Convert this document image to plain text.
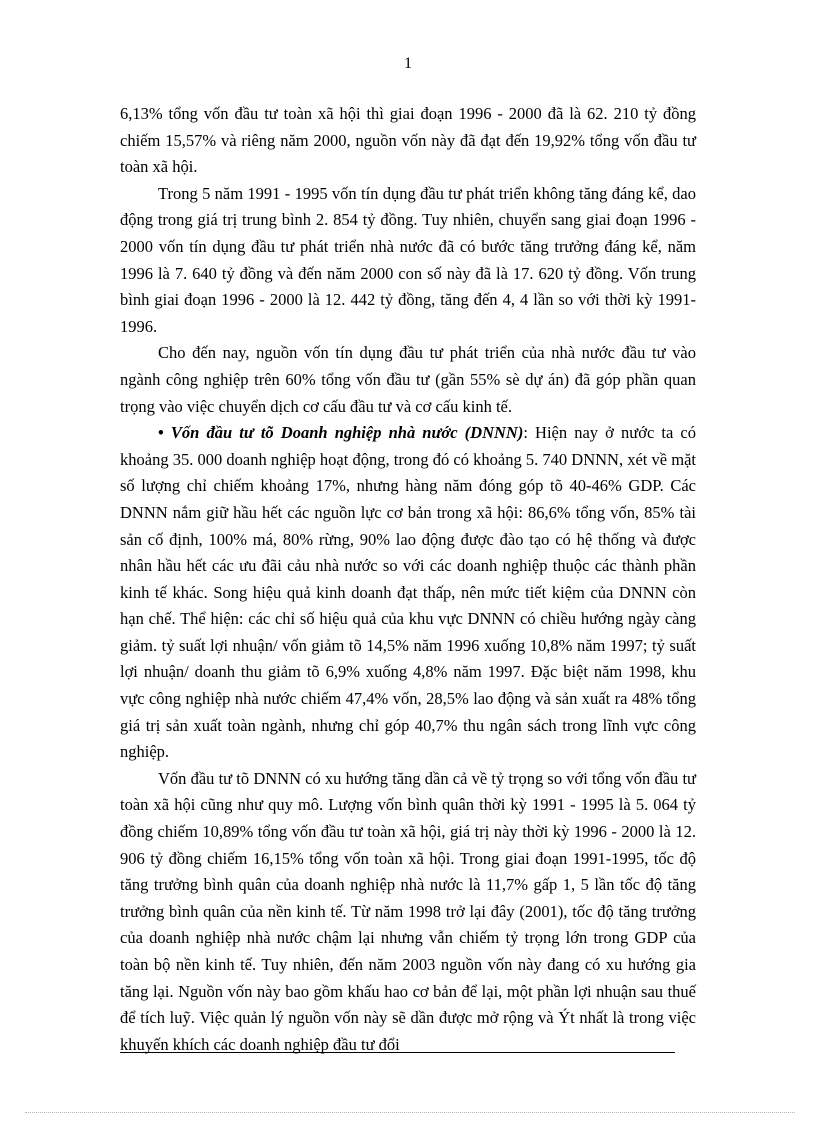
1

6,13% tổng vốn đầu tư toàn xã hội thì giai đoạn 1996 - 2000 đã là 62. 210 tỷ đồng chiếm 15,57% và riêng năm 2000, nguồn vốn này đã đạt đến 19,92% tổng vốn đầu tư toàn xã hội.

Trong 5 năm 1991 - 1995 vốn tín dụng đầu tư phát triển không tăng đáng kể, dao động trong giá trị trung bình 2. 854 tỷ đồng. Tuy nhiên, chuyển sang giai đoạn 1996 - 2000 vốn tín dụng đầu tư phát triển nhà nước đã có bước tăng trưởng đáng kể, năm 1996 là 7. 640 tỷ đồng và đến năm 2000 con số này đã là 17. 620 tỷ đồng. Vốn trung bình giai đoạn 1996 - 2000 là 12. 442 tỷ đồng, tăng đến 4, 4 lần so với thời kỳ 1991-1996.

Cho đến nay, nguồn vốn tín dụng đầu tư phát triển của nhà nước đầu tư vào ngành công nghiệp trên 60% tổng vốn đầu tư (gần 55% sè dự án) đã góp phần quan trọng vào việc chuyển dịch cơ cấu đầu tư và cơ cấu kinh tế.

• Vốn đầu tư tõ Doanh nghiệp nhà nước (DNNN): Hiện nay ở nước ta có khoảng 35. 000 doanh nghiệp hoạt động, trong đó có khoảng 5. 740 DNNN, xét về mặt số lượng chỉ chiếm khoảng 17%, nhưng hàng năm đóng góp tõ 40-46% GDP. Các DNNN nắm giữ hầu hết các nguồn lực cơ bản trong xã hội: 86,6% tổng vốn, 85% tài sản cố định, 100% má, 80% rừng, 90% lao động được đào tạo có hệ thống và được nhân hầu hết các ưu đãi cảu nhà nước so với các doanh nghiệp thuộc các thành phần kinh tế khác. Song hiệu quả kinh doanh đạt thấp, nên mức tiết kiệm của DNNN còn hạn chế. Thể hiện: các chỉ số hiệu quả của khu vực DNNN có chiều hướng ngày càng giảm. tỷ suất lợi nhuận/ vốn giảm tõ 14,5% năm 1996 xuống 10,8% năm 1997; tỷ suất lợi nhuận/ doanh thu giảm tõ 6,9% xuống 4,8% năm 1997. Đặc biệt năm 1998, khu vực công nghiệp nhà nước chiếm 47,4% vốn, 28,5% lao động và sản xuất ra 48% tổng giá trị sản xuất toàn ngành, nhưng chỉ góp 40,7% thu ngân sách trong lĩnh vực công nghiệp.

Vốn đầu tư tõ DNNN có xu hướng tăng dần cả về tỷ trọng so với tổng vốn đầu tư toàn xã hội cũng như quy mô. Lượng vốn bình quân thời kỳ 1991 - 1995 là 5. 064 tỷ đồng chiếm 10,89% tổng vốn đầu tư toàn xã hội, giá trị này thời kỳ 1996 - 2000 là 12. 906 tỷ đồng chiếm 16,15% tổng vốn toàn xã hội. Trong giai đoạn 1991-1995, tốc độ tăng trưởng bình quân của doanh nghiệp nhà nước là 11,7% gấp 1, 5 lần tốc độ tăng trưởng bình quân của nền kinh tế. Từ năm 1998 trở lại đây (2001), tốc độ tăng trưởng của doanh nghiệp nhà nước chậm lại nhưng vẫn chiếm tỷ trọng lớn trong GDP của toàn bộ nền kinh tế. Tuy nhiên, đến năm 2003 nguồn vốn này đang có xu hướng gia tăng lại. Nguồn vốn này bao gồm khấu hao cơ bản để lại, một phần lợi nhuận sau thuế để tích luỹ. Việc quản lý nguồn vốn này sẽ dần được mở rộng và Ýt nhất là trong việc khuyến khích các doanh nghiệp đầu tư đổi
